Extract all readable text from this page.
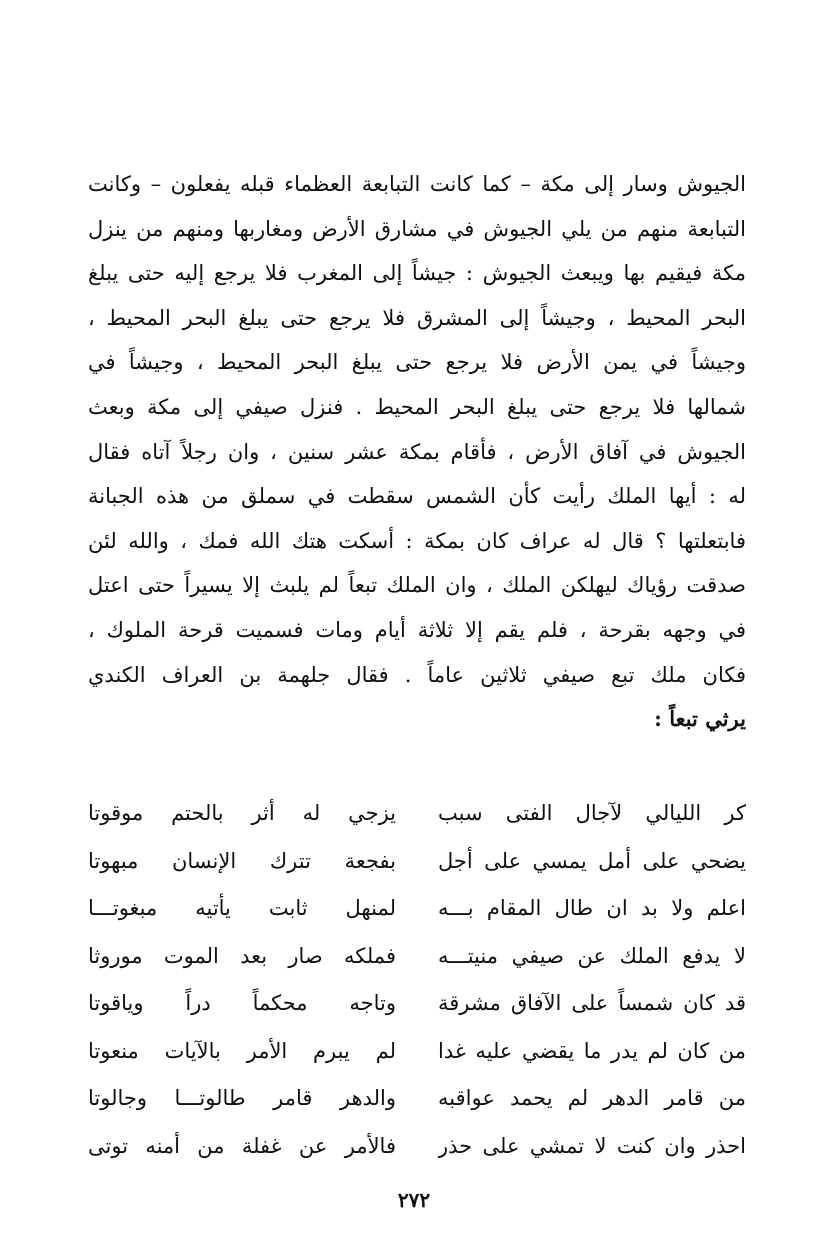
الجيوش وسار إلى مكة – كما كانت التبابعة العظماء قبله يفعلون – وكانت
التبابعة منهم من يلي الجيوش في مشارق الأرض ومغاربها ومنهم من ينزل
مكة فيقيم بها ويبعث الجيوش : جيشاً إلى المغرب فلا يرجع إليه حتى يبلغ
البحر المحيط ، وجيشاً إلى المشرق فلا يرجع حتى يبلغ البحر المحيط ،
وجيشاً في يمن الأرض فلا يرجع حتى يبلغ البحر المحيط ، وجيشاً في
شمالها فلا يرجع حتى يبلغ البحر المحيط . فنزل صيفي إلى مكة وبعث
الجيوش في آفاق الأرض ، فأقام بمكة عشر سنين ، وان رجلاً آتاه فقال
له : أيها الملك رأيت كأن الشمس سقطت في سملق من هذه الجبانة
فابتعلتها ؟ قال له عراف كان بمكة : أسكت هتك الله فمك ، والله لئن
صدقت رؤياك ليهلكن الملك ، وان الملك تبعاً لم يلبث إلا يسيراً حتى اعتل
في وجهه بقرحة ، فلم يقم إلا ثلاثة أيام ومات فسميت قرحة الملوك ،
فكان ملك تبع صيفي ثلاثين عاماً . فقال جلهمة بن العراف الكندي
يرثي تبعاً :
كر الليالي لآجال الفتى سبب
يزجي له أثر بالحتم موقوتا
يضحي على أمل يمسي على أجل
بفجعة تترك الإنسان مبهوتا
اعلم ولا بد ان طال المقام بـــه
لمنهل ثابت يأتيه مبغوتـــا
لا يدفع الملك عن صيفي منيتـــه
فملكه صار بعد الموت موروثا
قد كان شمساً على الآفاق مشرقة
وتاجه محكماً دراً وياقوتا
من كان لم يدر ما يقضي عليه غدا
لم يبرم الأمر بالآيات منعوتا
من قامر الدهر لم يحمد عواقبه
والدهر قامر طالوتـــا وجالوتا
احذر وان كنت لا تمشي على حذر
فالأمر عن غفلة من أمنه توتى
٢٧٢
